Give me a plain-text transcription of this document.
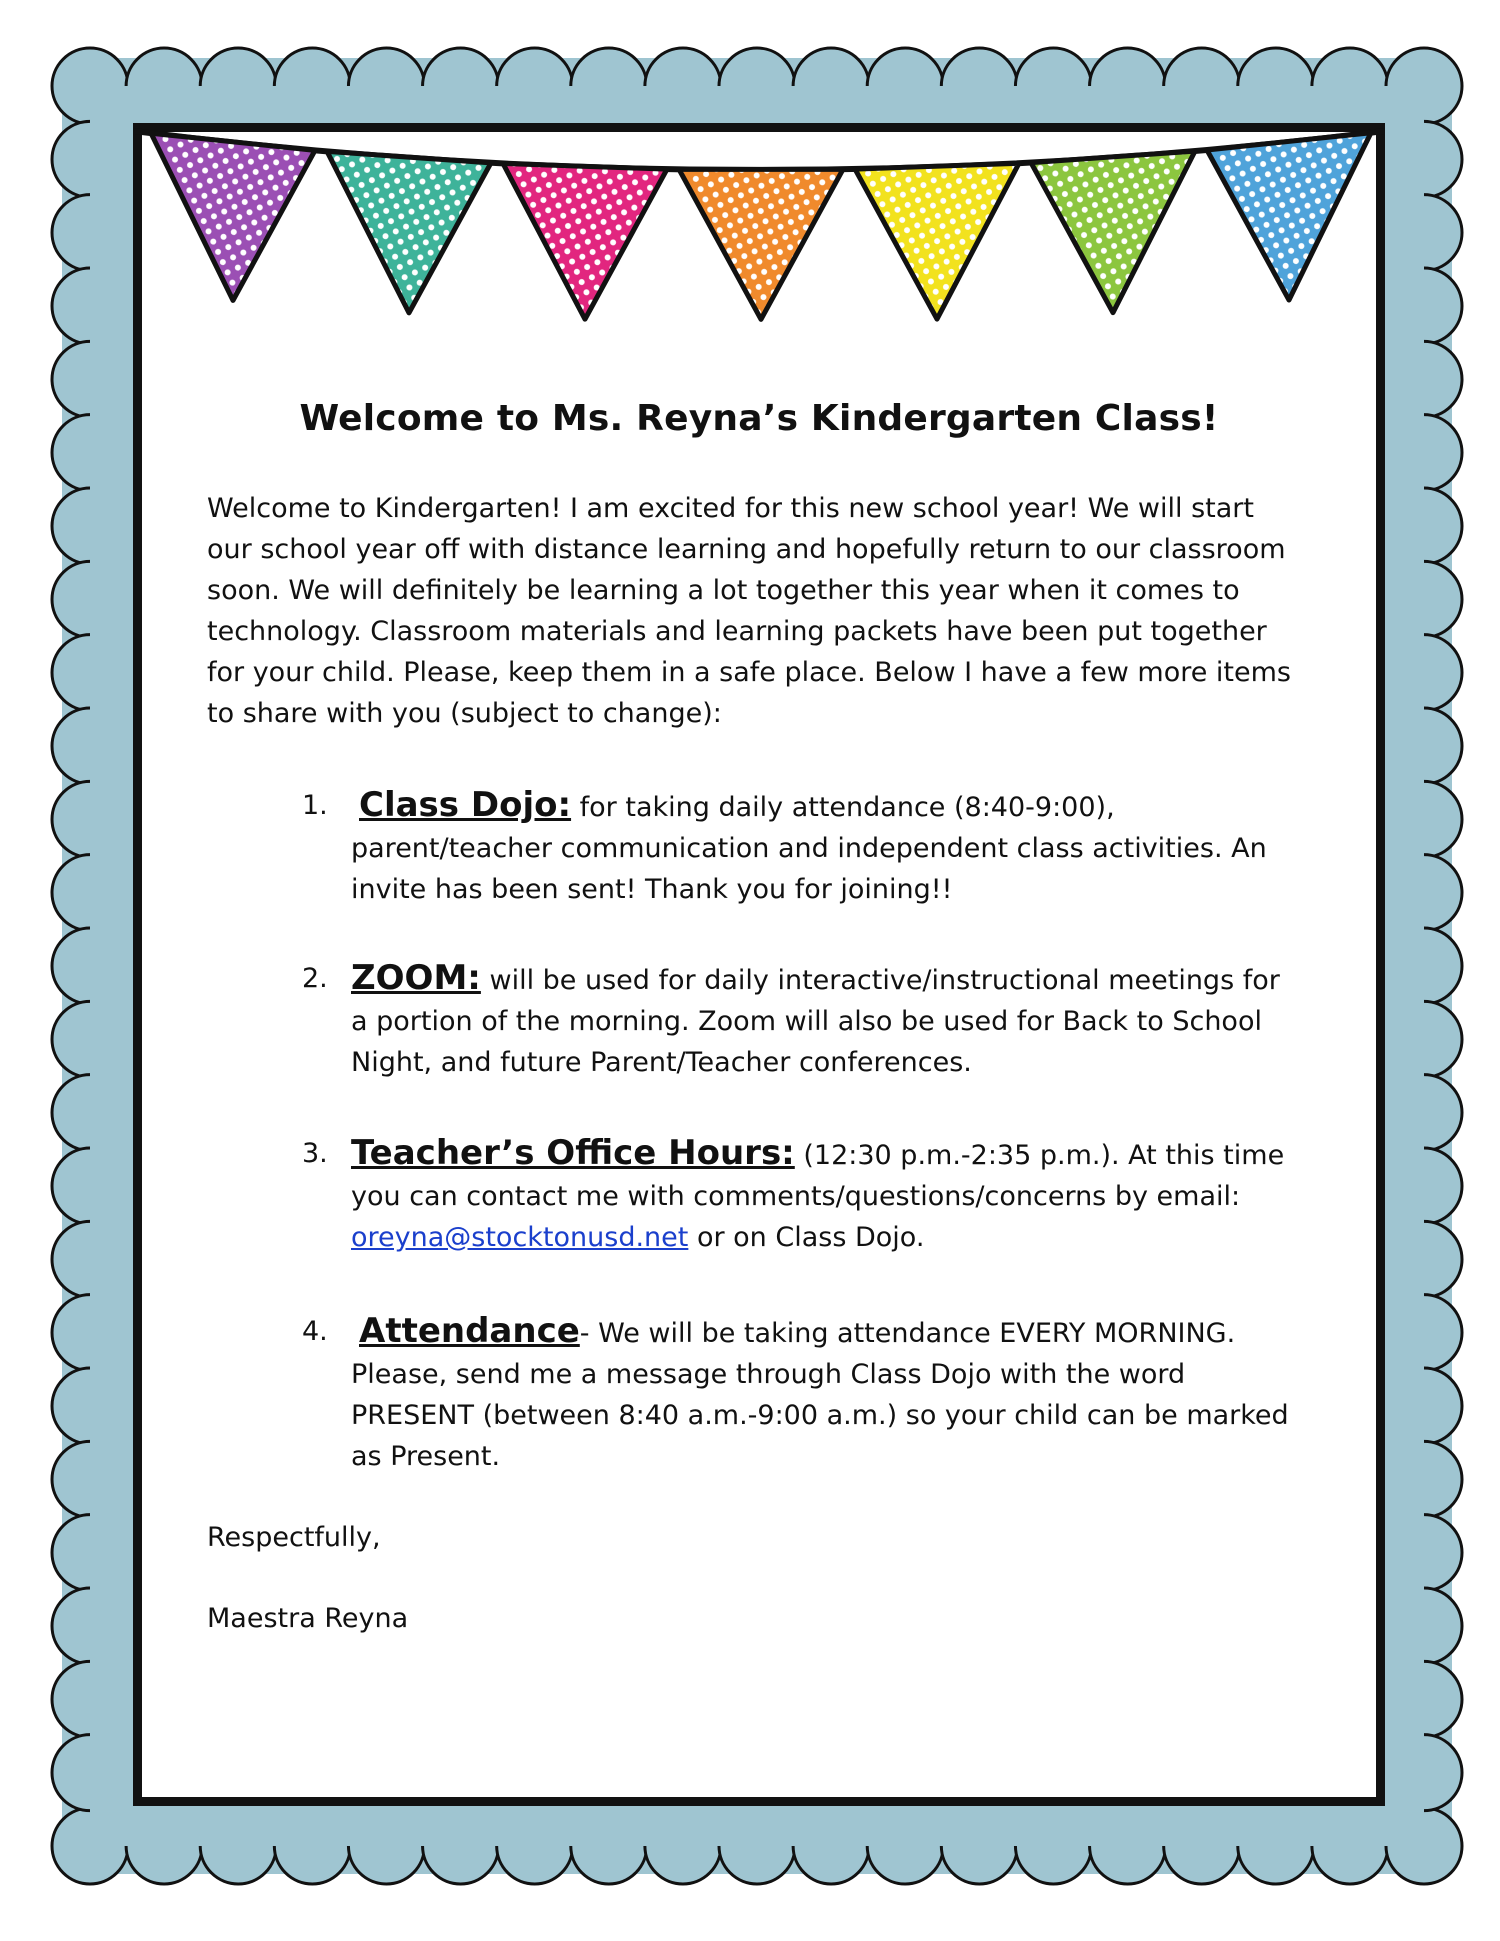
Welcome to Ms. Reyna’s Kindergarten Class!

Welcome to Kindergarten! I am excited for this new school year! We will start our school year off with distance learning and hopefully return to our classroom soon. We will definitely be learning a lot together this year when it comes to technology. Classroom materials and learning packets have been put together for your child. Please, keep them in a safe place. Below I have a few more items to share with you (subject to change):

1. Class Dojo: for taking daily attendance (8:40-9:00), parent/teacher communication and independent class activities. An invite has been sent! Thank you for joining!!
2. ZOOM: will be used for daily interactive/instructional meetings for a portion of the morning. Zoom will also be used for Back to School Night, and future Parent/Teacher conferences.
3. Teacher’s Office Hours: (12:30 p.m.-2:35 p.m.). At this time you can contact me with comments/questions/concerns by email: oreyna@stocktonusd.net or on Class Dojo.
4. Attendance- We will be taking attendance EVERY MORNING. Please, send me a message through Class Dojo with the word PRESENT (between 8:40 a.m.-9:00 a.m.) so your child can be marked as Present.

Respectfully,

Maestra Reyna
